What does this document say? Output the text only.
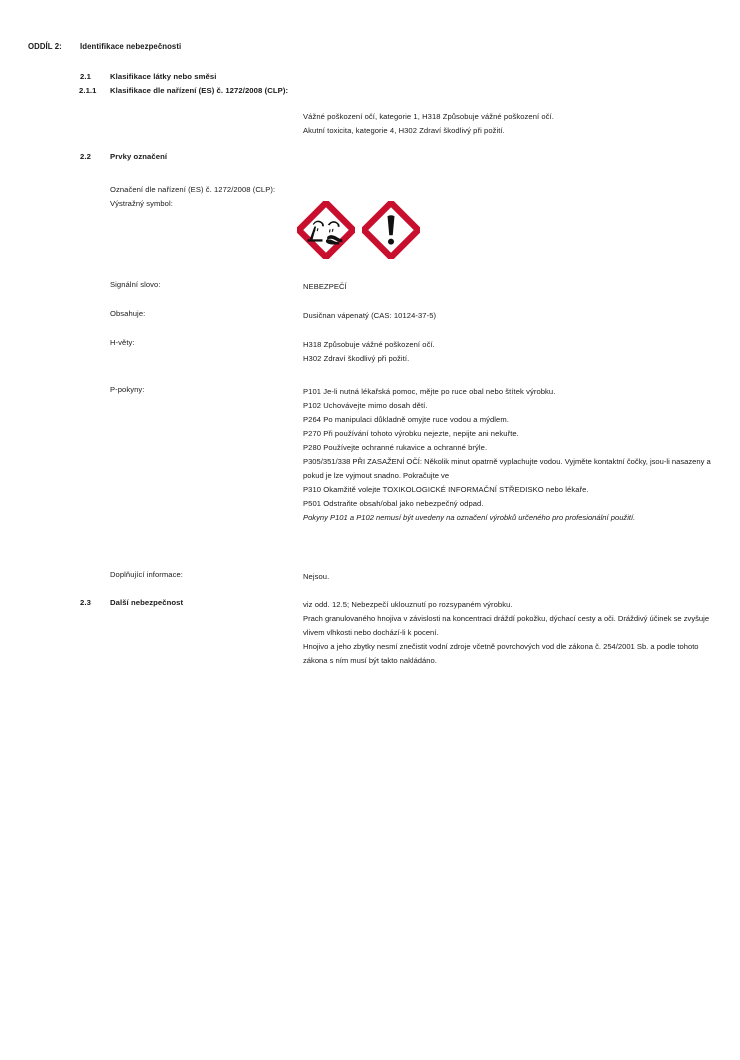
ODDÍL 2: Identifikace nebezpečnosti
2.1 Klasifikace látky nebo směsi
2.1.1 Klasifikace dle nařízení (ES) č. 1272/2008 (CLP):
Vážné poškození očí, kategorie 1, H318 Způsobuje vážné poškození očí.
Akutní toxicita, kategorie 4, H302 Zdraví škodlivý při požití.
2.2 Prvky označení
Označení dle nařízení (ES) č. 1272/2008 (CLP):
Výstražný symbol:
Signální slovo:	NEBEZPEČÍ
Obsahuje:	Dusičnan vápenatý (CAS: 10124-37-5)
H-věty:	H318 Způsobuje vážné poškození očí.
H302 Zdraví škodlivý při požití.
P-pokyny:	P101 Je-li nutná lékařská pomoc, mějte po ruce obal nebo štítek výrobku.
P102 Uchovávejte mimo dosah dětí.
P264 Po manipulaci důkladně omyjte ruce vodou a mýdlem.
P270 Při používání tohoto výrobku nejezte, nepijte ani nekuřte.
P280 Používejte ochranné rukavice a ochranné brýle.
P305/351/338 PŘI ZASAŽENÍ OČÍ: Několik minut opatrně vyplachujte vodou. Vyjměte kontaktní čočky, jsou-li nasazeny a pokud je lze vyjmout snadno. Pokračujte ve
P310 Okamžitě volejte TOXIKOLOGICKÉ INFORMAČNÍ STŘEDISKO nebo lékaře.
P501 Odstraňte obsah/obal jako nebezpečný odpad.
Pokyny P101 a P102 nemusí být uvedeny na označení výrobků určeného pro profesionální použití.
Doplňující informace:	Nejsou.
2.3 Další nebezpečnost	viz odd. 12.5; Nebezpečí uklouznutí po rozsypaném výrobku.
Prach granulovaného hnojiva v závislosti na koncentraci dráždí pokožku, dýchací cesty a oči. Dráždivý účinek se zvyšuje vlivem vlhkosti nebo dochází-li k pocení.
Hnojivo a jeho zbytky nesmí znečistit vodní zdroje včetně povrchových vod dle zákona č. 254/2001 Sb. a podle tohoto zákona s ním musí být takto nakládáno.
